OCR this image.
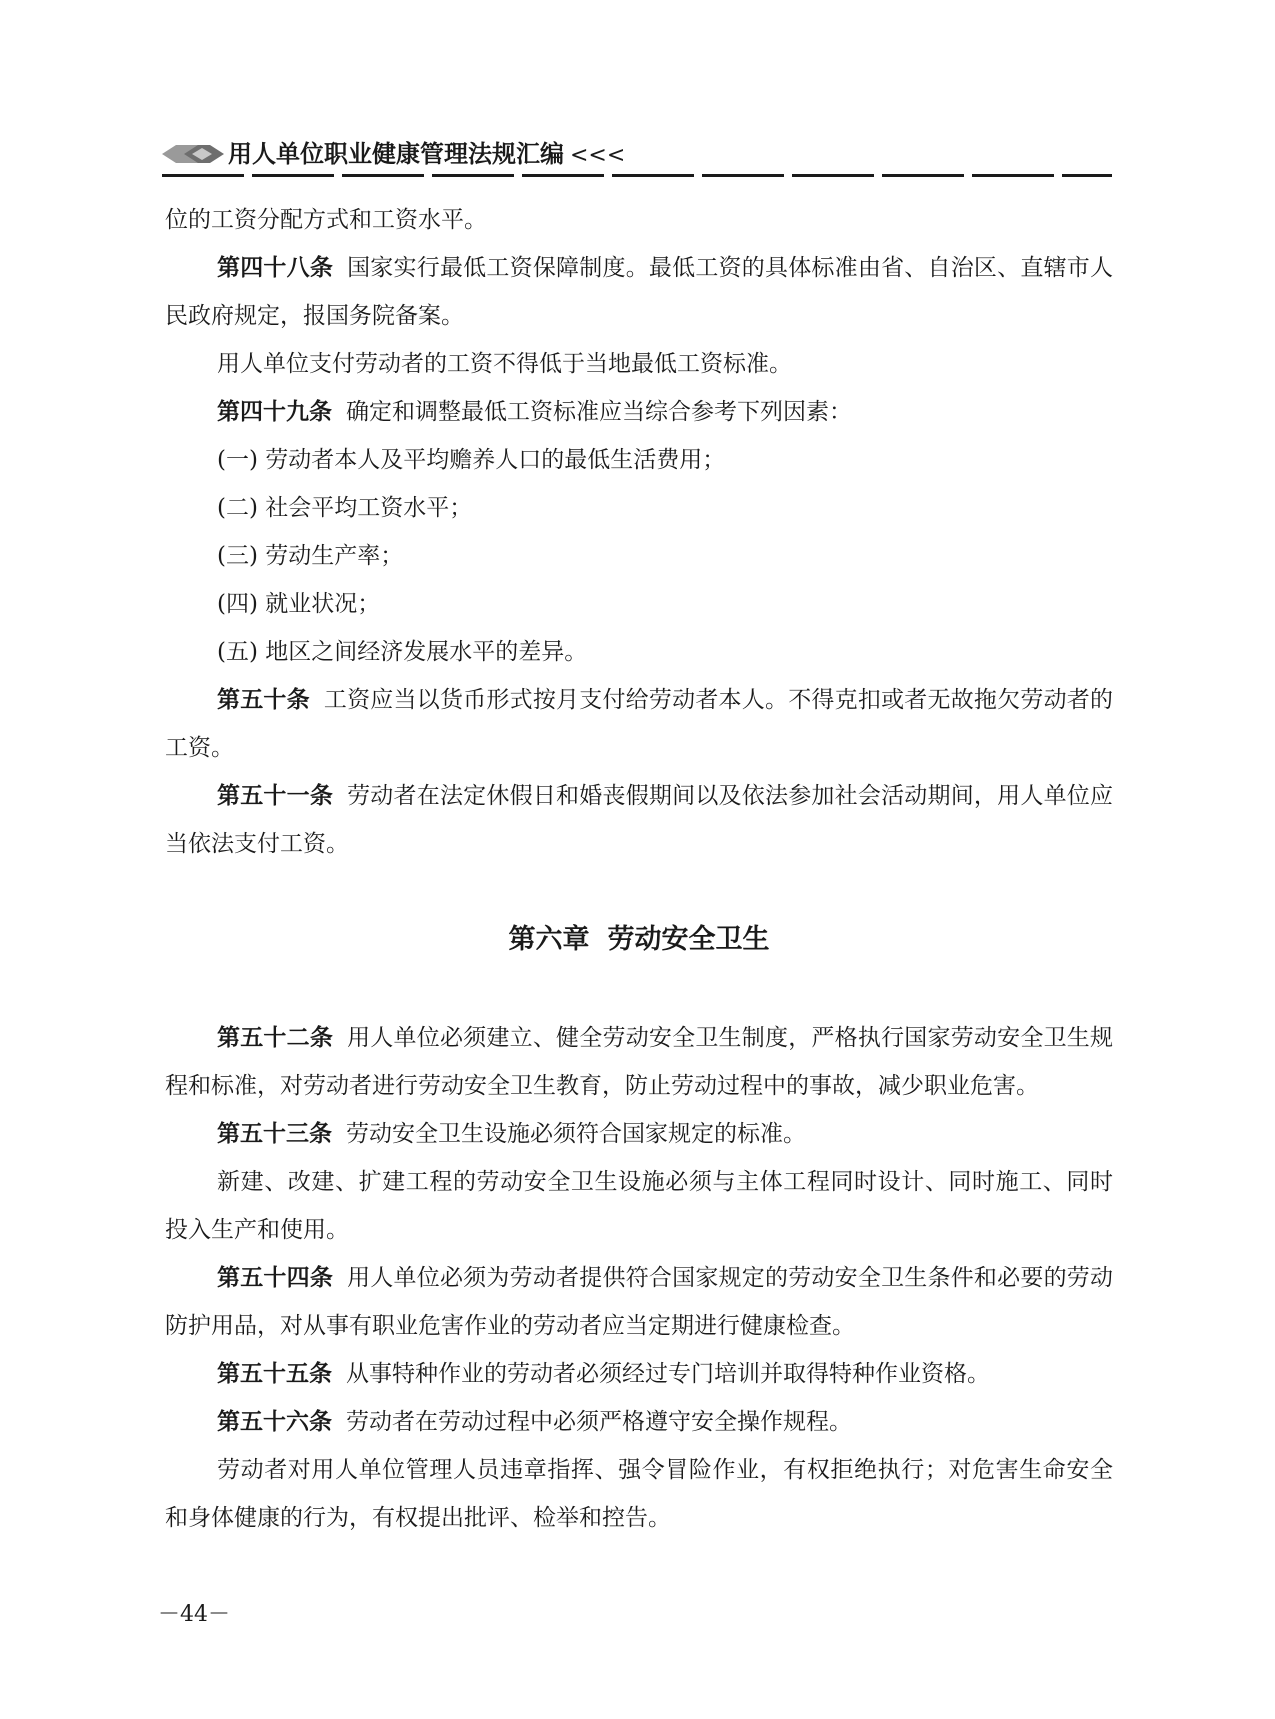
用人单位职业健康管理法规汇编 <<<

位的工资分配方式和工资水平。

第四十八条 国家实行最低工资保障制度。最低工资的具体标准由省、自治区、直辖市人民政府规定，报国务院备案。

用人单位支付劳动者的工资不得低于当地最低工资标准。

第四十九条 确定和调整最低工资标准应当综合参考下列因素：

(一) 劳动者本人及平均赡养人口的最低生活费用；

(二) 社会平均工资水平；

(三) 劳动生产率；

(四) 就业状况；

(五) 地区之间经济发展水平的差异。

第五十条 工资应当以货币形式按月支付给劳动者本人。不得克扣或者无故拖欠劳动者的工资。

第五十一条 劳动者在法定休假日和婚丧假期间以及依法参加社会活动期间，用人单位应当依法支付工资。

第六章 劳动安全卫生

第五十二条 用人单位必须建立、健全劳动安全卫生制度，严格执行国家劳动安全卫生规程和标准，对劳动者进行劳动安全卫生教育，防止劳动过程中的事故，减少职业危害。

第五十三条 劳动安全卫生设施必须符合国家规定的标准。

新建、改建、扩建工程的劳动安全卫生设施必须与主体工程同时设计、同时施工、同时投入生产和使用。

第五十四条 用人单位必须为劳动者提供符合国家规定的劳动安全卫生条件和必要的劳动防护用品，对从事有职业危害作业的劳动者应当定期进行健康检查。

第五十五条 从事特种作业的劳动者必须经过专门培训并取得特种作业资格。

第五十六条 劳动者在劳动过程中必须严格遵守安全操作规程。

劳动者对用人单位管理人员违章指挥、强令冒险作业，有权拒绝执行；对危害生命安全和身体健康的行为，有权提出批评、检举和控告。

－44－
